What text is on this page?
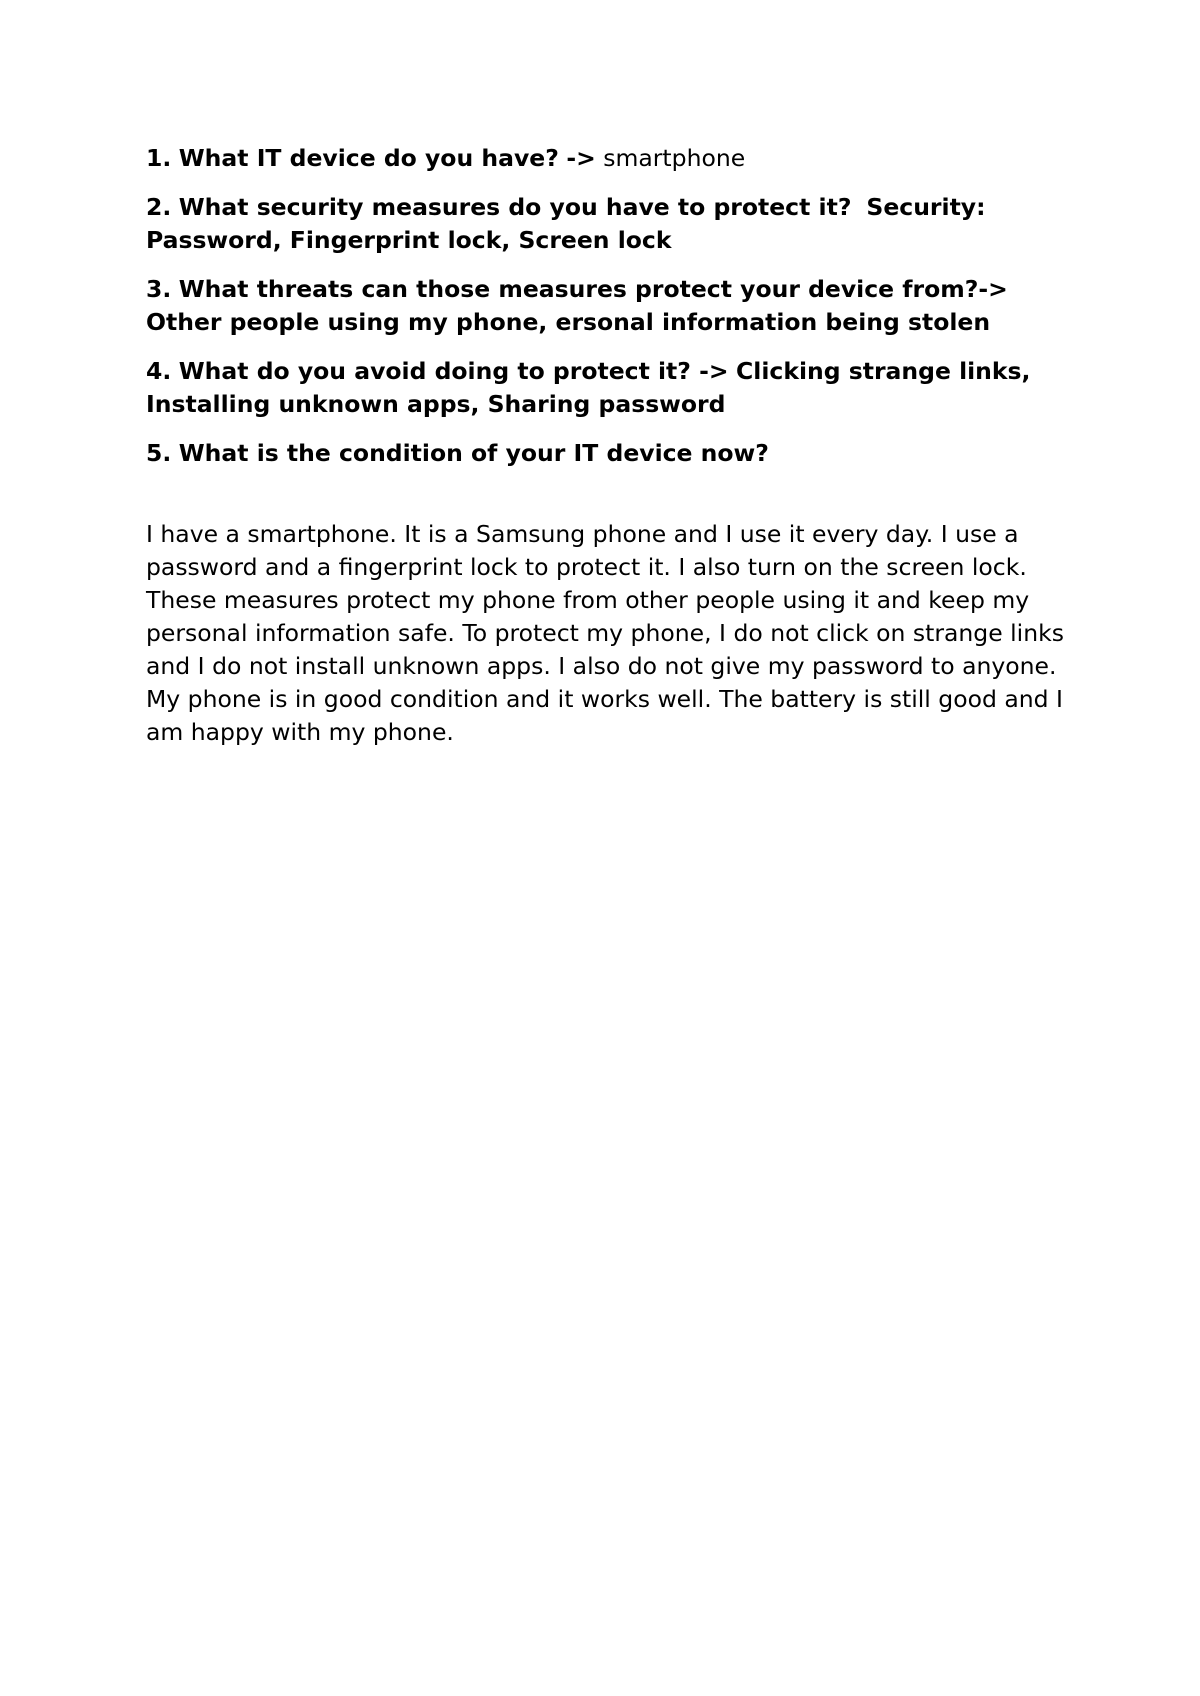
1. What IT device do you have? -> smartphone

2. What security measures do you have to protect it? Security: Password, Fingerprint lock, Screen lock

3. What threats can those measures protect your device from?-> Other people using my phone, ersonal information being stolen

4. What do you avoid doing to protect it? -> Clicking strange links, Installing unknown apps, Sharing password

5. What is the condition of your IT device now?

I have a smartphone. It is a Samsung phone and I use it every day. I use a password and a fingerprint lock to protect it. I also turn on the screen lock. These measures protect my phone from other people using it and keep my personal information safe. To protect my phone, I do not click on strange links and I do not install unknown apps. I also do not give my password to anyone. My phone is in good condition and it works well. The battery is still good and I am happy with my phone.
